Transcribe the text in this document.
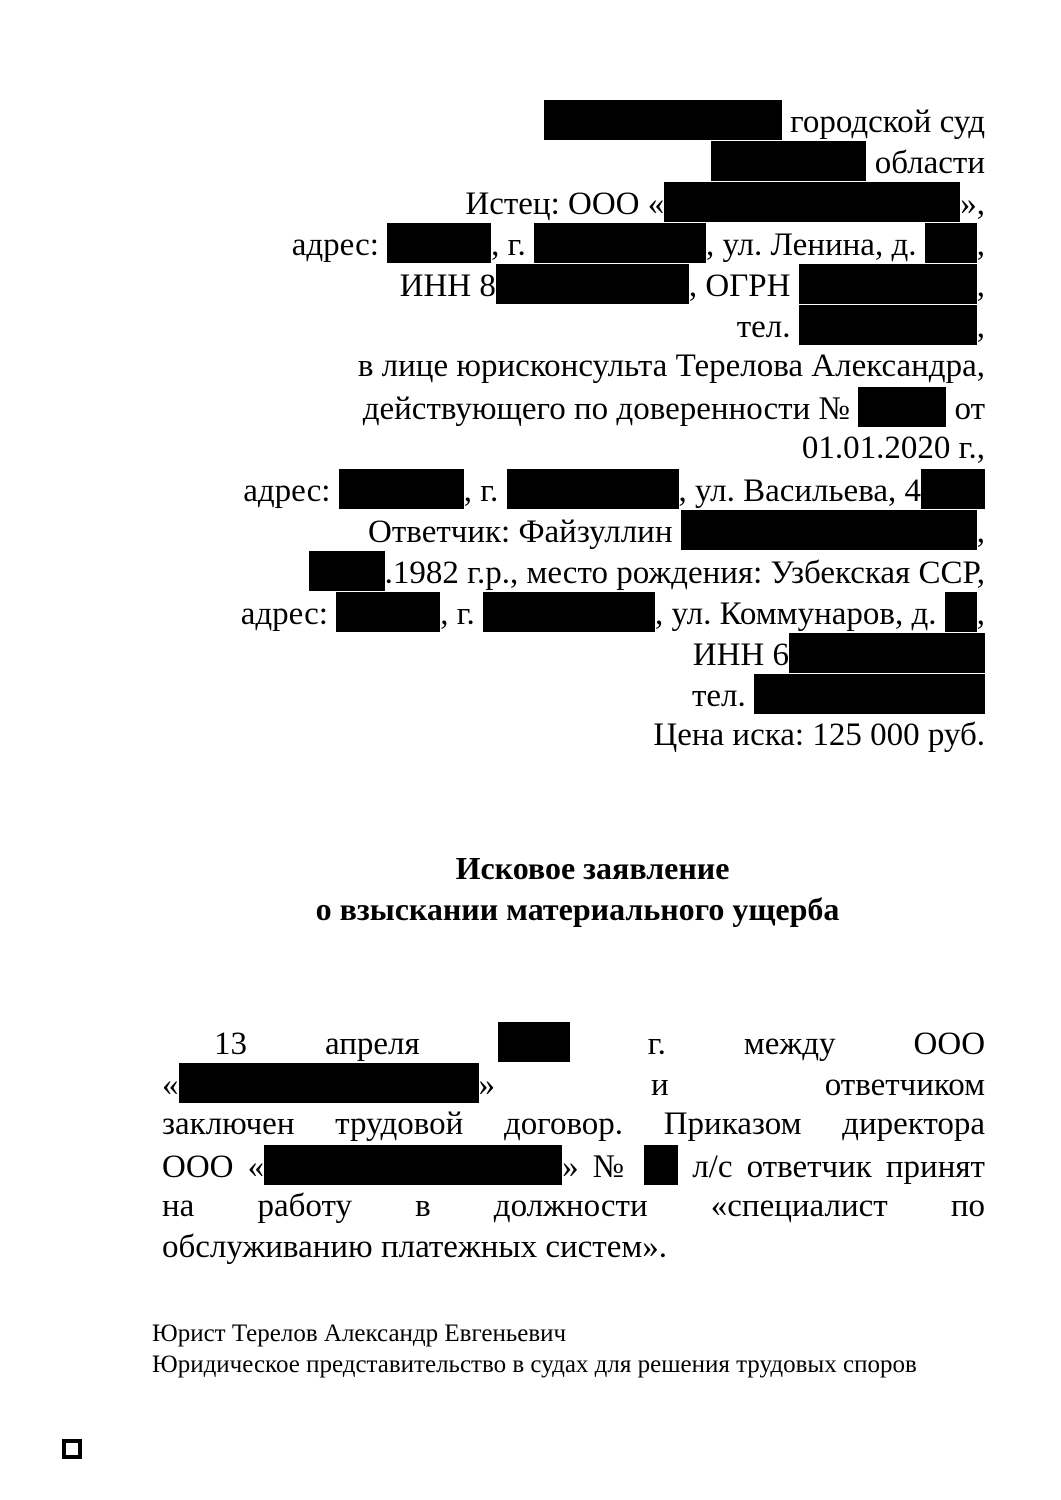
городской суд
области
Истец: ООО «	»,
адрес:	, г.	, ул. Ленина, д. ,
ИНН 8	, ОГРН	,
тел.	,
в лице юрисконсульта Терелова Александра,
действующего по доверенности №	от
01.01.2020 г.,
адрес:	, г.	, ул. Васильева, 4
Ответчик: Файзуллин	,
.1982 г.р., место рождения: Узбекская ССР,
адрес:	, г.	, ул. Коммунаров, д. ,
ИНН 6
тел.
Цена иска: 125 000 руб.
Исковое заявление
о взыскании материального ущерба
13 апреля	г. между ООО
«	»	и	ответчиком
заключен трудовой договор. Приказом директора
ООО «	» № л/с ответчик принят
на работу в должности «специалист по
обслуживанию платежных систем».
Юрист Терелов Александр Евгеньевич
Юридическое представительство в судах для решения трудовых споров
